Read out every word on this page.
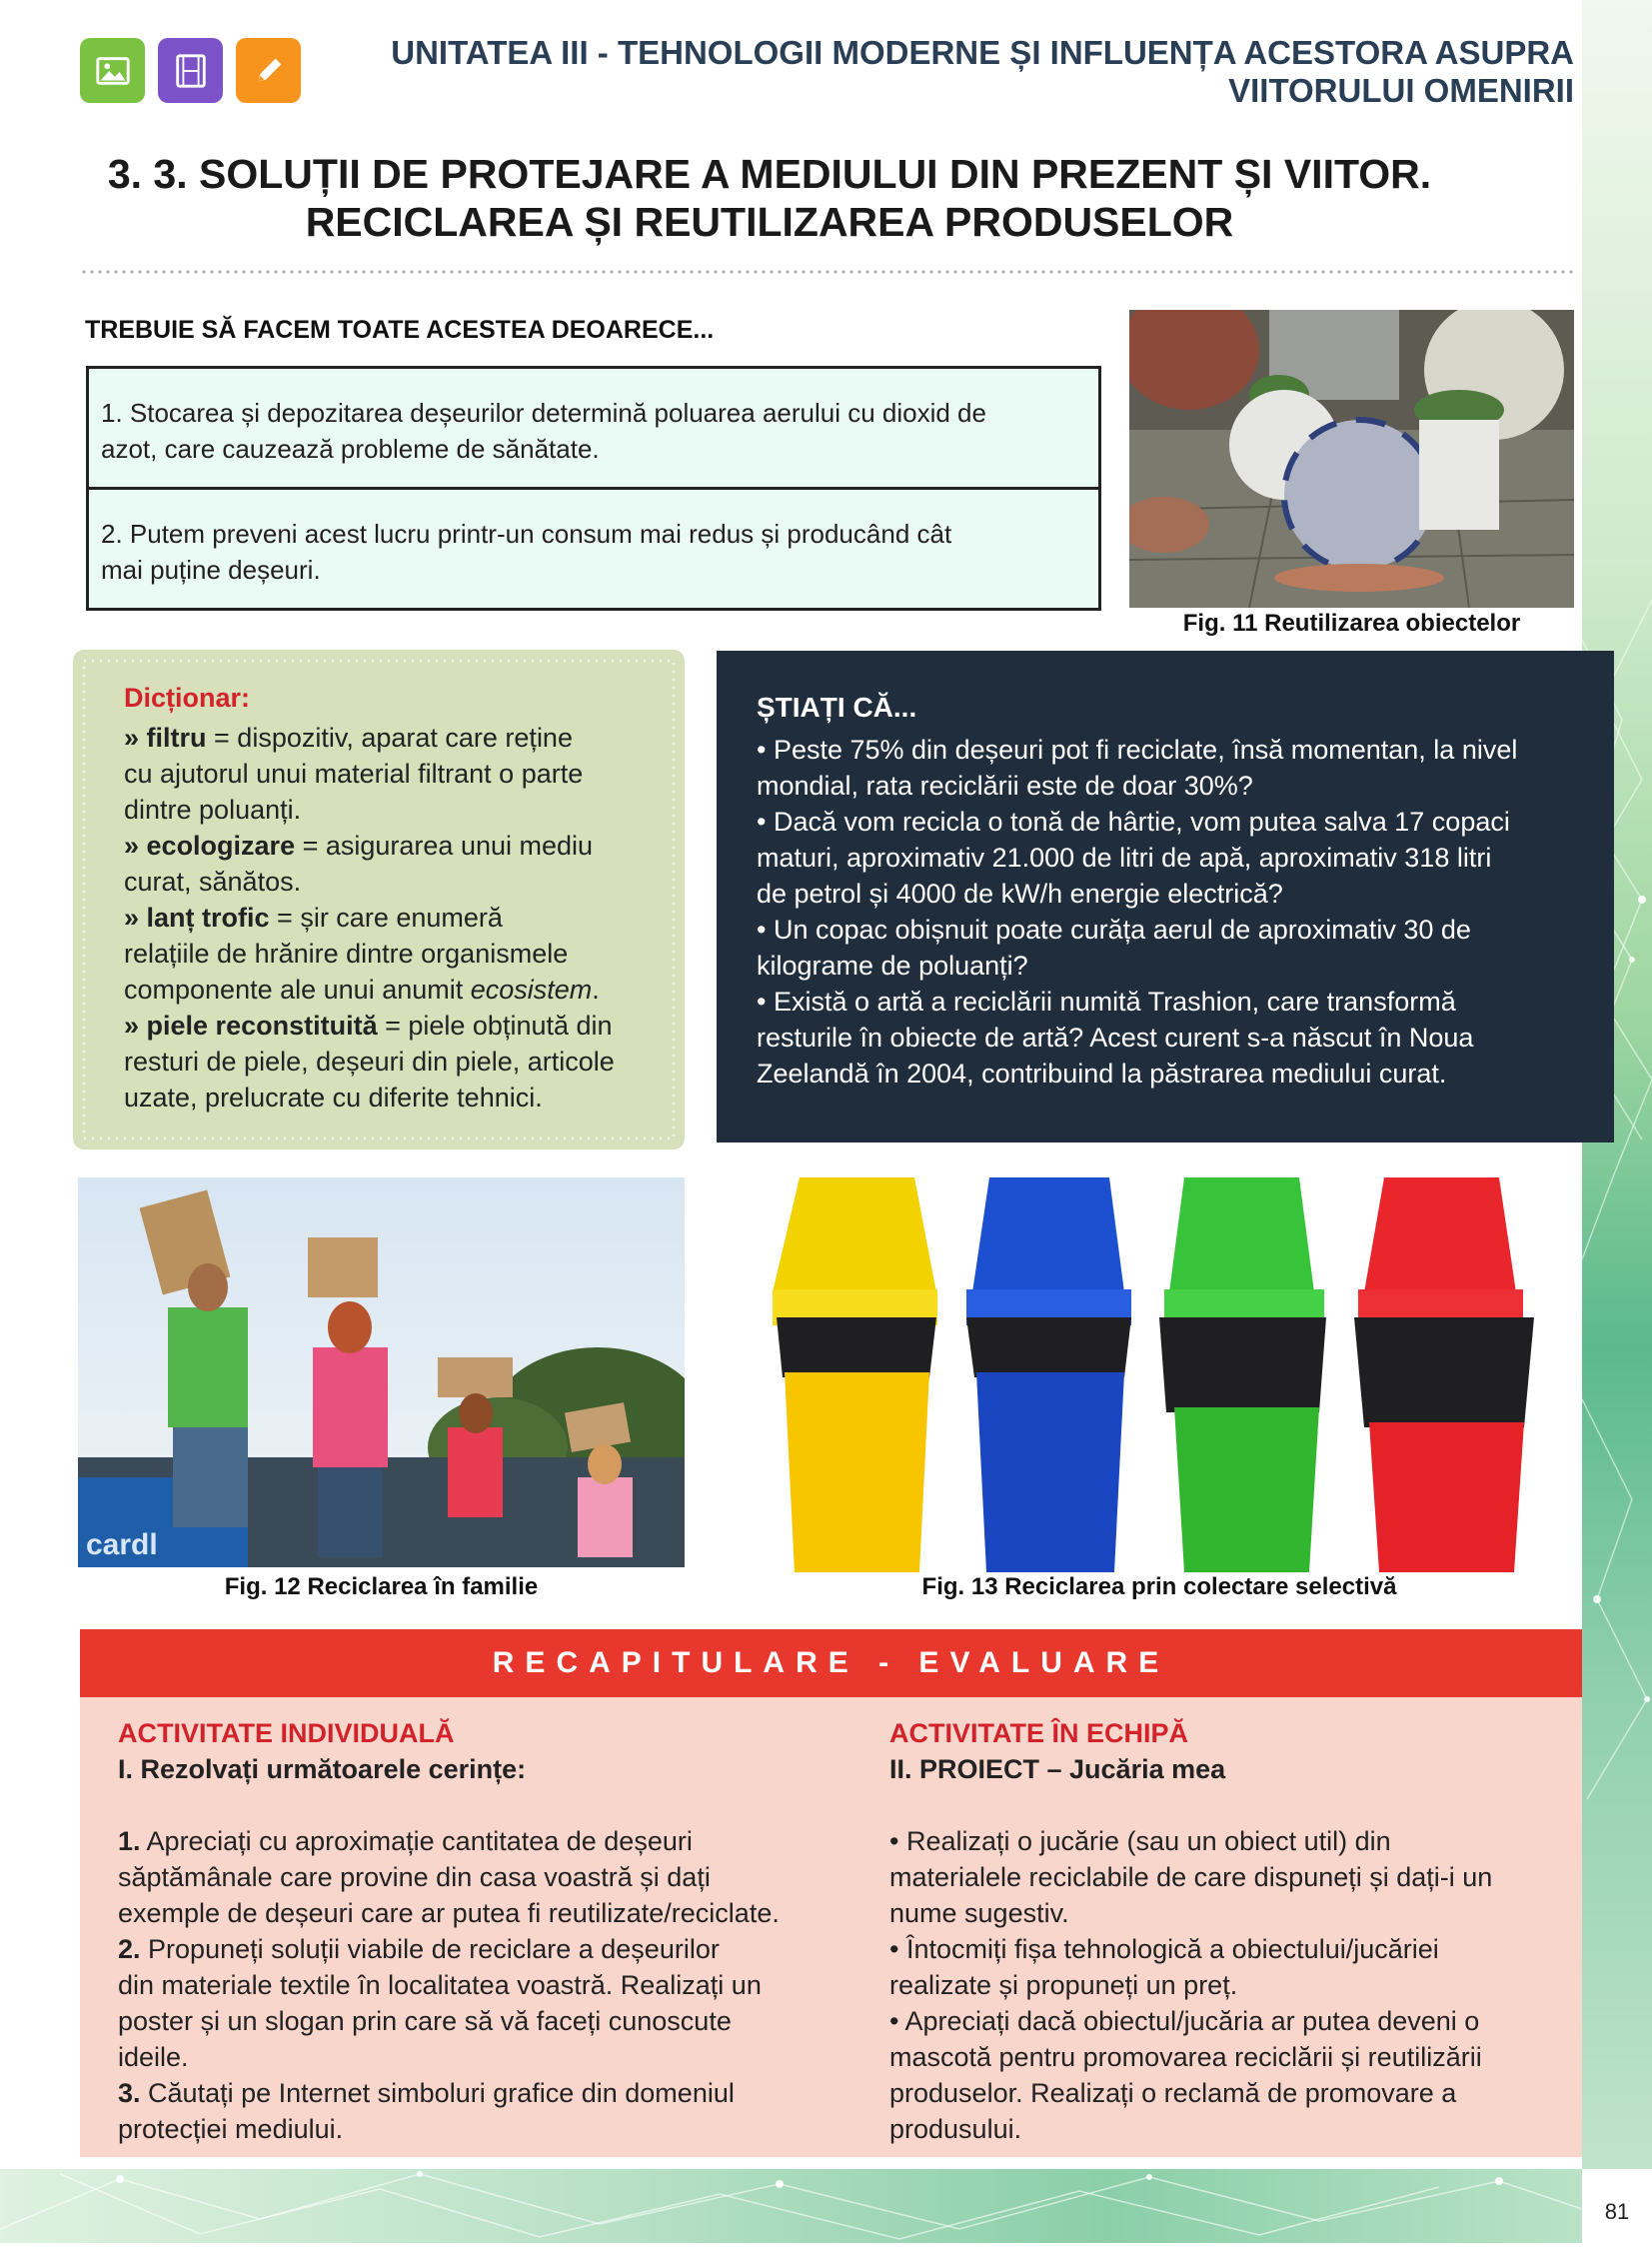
81
UNITATEA III - TEHNOLOGII MODERNE ȘI INFLUENȚA ACESTORA ASUPRA
VIITORULUI OMENIRII
3. 3. SOLUȚII DE PROTEJARE A MEDIULUI DIN PREZENT ȘI VIITOR.
RECICLAREA ȘI REUTILIZAREA PRODUSELOR
TREBUIE SĂ FACEM TOATE ACESTEA DEOARECE...
1. Stocarea și depozitarea deșeurilor determină poluarea aerului cu dioxid de
azot, care cauzează probleme de sănătate.
2. Putem preveni acest lucru printr-un consum mai redus și producând cât
mai puține deșeuri.
Fig. 11 Reutilizarea obiectelor
Dicționar:
» filtru = dispozitiv, aparat care reține
cu ajutorul unui material filtrant o parte
dintre poluanți.
» ecologizare = asigurarea unui mediu
curat, sănătos.
» lanț trofic = șir care enumeră
relațiile de hrănire dintre organismele
componente ale unui anumit ecosistem.
» piele reconstituită = piele obținută din
resturi de piele, deșeuri din piele, articole
uzate, prelucrate cu diferite tehnici.
ȘTIAȚI CĂ...
• Peste 75% din deșeuri pot fi reciclate, însă momentan, la nivel
mondial, rata reciclării este de doar 30%?
• Dacă vom recicla o tonă de hârtie, vom putea salva 17 copaci
maturi, aproximativ 21.000 de litri de apă, aproximativ 318 litri
de petrol și 4000 de kW/h energie electrică?
• Un copac obișnuit poate curăța aerul de aproximativ 30 de
kilograme de poluanți?
• Există o artă a reciclării numită Trashion, care transformă
resturile în obiecte de artă? Acest curent s-a născut în Noua
Zeelandă în 2004, contribuind la păstrarea mediului curat.
cardl
Fig. 12 Reciclarea în familie	Fig. 13 Reciclarea prin colectare selectivă
RECAPITULARE - EVALUARE
ACTIVITATE INDIVIDUALĂ
I. Rezolvați următoarele cerințe:
1. Apreciați cu aproximație cantitatea de deșeuri
săptămânale care provine din casa voastră și dați
exemple de deșeuri care ar putea fi reutilizate/reciclate.
2. Propuneți soluții viabile de reciclare a deșeurilor
din materiale textile în localitatea voastră. Realizați un
poster și un slogan prin care să vă faceți cunoscute
ideile.
3. Căutați pe Internet simboluri grafice din domeniul
protecției mediului.
ACTIVITATE ÎN ECHIPĂ
II. PROIECT – Jucăria mea
• Realizați o jucărie (sau un obiect util) din
materialele reciclabile de care dispuneți și dați-i un
nume sugestiv.
• Întocmiți fișa tehnologică a obiectului/jucăriei
realizate și propuneți un preț.
• Apreciați dacă obiectul/jucăria ar putea deveni o
mascotă pentru promovarea reciclării și reutilizării
produselor. Realizați o reclamă de promovare a
produsului.
